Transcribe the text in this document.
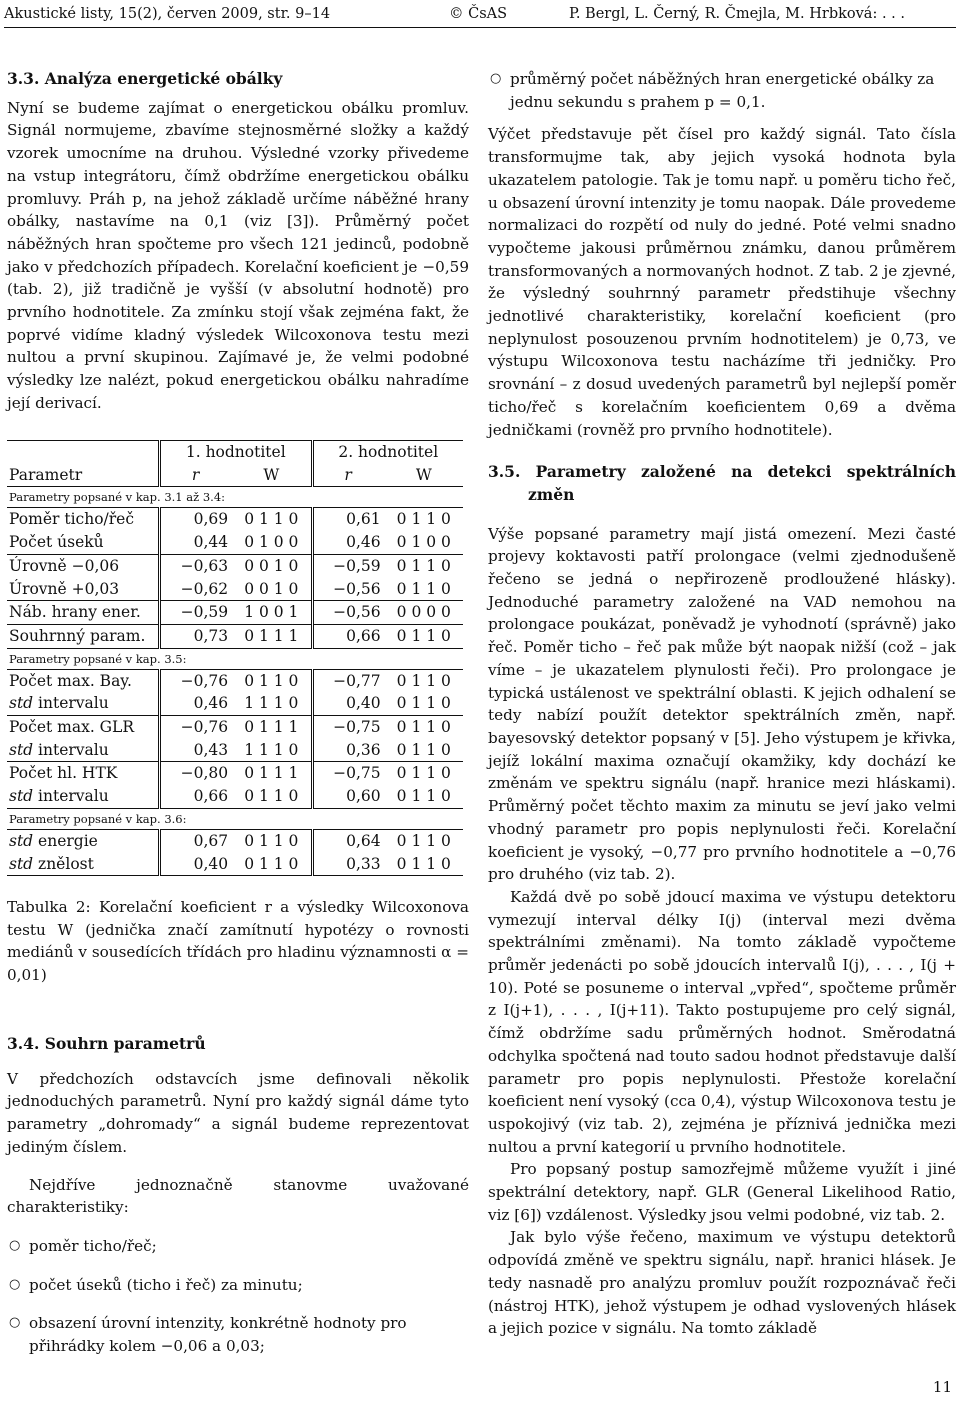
Akustické listy, 15(2), červen 2009, str. 9–14	© ČsAS	P. Bergl, L. Černý, R. Čmejla, M. Hrbková: . . .

3.3. Analýza energetické obálky

Nyní se budeme zajímat o energetickou obálku promluv. Signál normujeme, zbavíme stejnosměrné složky a každý vzorek umocníme na druhou. Výsledné vzorky přivedeme na vstup integrátoru, čímž obdržíme energetickou obálku promluvy. Práh p, na jehož základě určíme náběžné hrany obálky, nastavíme na 0,1 (viz [3]). Průměrný počet náběžných hran spočteme pro všech 121 jedinců, podobně jako v předchozích případech. Korelační koeficient je −0,59 (tab. 2), již tradičně je vyšší (v absolutní hodnotě) pro prvního hodnotitele. Za zmínku stojí však zejména fakt, že poprvé vidíme kladný výsledek Wilcoxonova testu mezi nultou a první skupinou. Zajímavé je, že velmi podobné výsledky lze nalézt, pokud energetickou obálku nahradíme její derivací.

	1. hodnotitel		2. hodnotitel	
Parametr	r	W	r	W
Parametry popsané v kap. 3.1 až 3.4:				
Poměr ticho/řeč	0,69	0 1 1 0	0,61	0 1 1 0
Počet úseků	0,44	0 1 0 0	0,46	0 1 0 0
Úrovně −0,06	−0,63	0 0 1 0	−0,59	0 1 1 0
Úrovně +0,03	−0,62	0 0 1 0	−0,56	0 1 1 0
Náb. hrany ener.	−0,59	1 0 0 1	−0,56	0 0 0 0
Souhrnný param.	0,73	0 1 1 1	0,66	0 1 1 0
Parametry popsané v kap. 3.5:				
Počet max. Bay.	−0,76	0 1 1 0	−0,77	0 1 1 0
std intervalu	0,46	1 1 1 0	0,40	0 1 1 0
Počet max. GLR	−0,76	0 1 1 1	−0,75	0 1 1 0
std intervalu	0,43	1 1 1 0	0,36	0 1 1 0
Počet hl. HTK	−0,80	0 1 1 1	−0,75	0 1 1 0
std intervalu	0,66	0 1 1 0	0,60	0 1 1 0
Parametry popsané v kap. 3.6:				
std energie	0,67	0 1 1 0	0,64	0 1 1 0
std znělost	0,40	0 1 1 0	0,33	0 1 1 0
Tabulka 2: Korelační koeficient r a výsledky Wilcoxonova testu W (jednička značí zamítnutí hypotézy o rovnosti mediánů v sousedících třídách pro hladinu významnosti α = 0,01)

3.4. Souhrn parametrů

V předchozích odstavcích jsme definovali několik jednoduchých parametrů. Nyní pro každý signál dáme tyto parametry „dohromady“ a signál budeme reprezentovat jediným číslem.

Nejdříve jednoznačně stanovme uvažované charakteristiky:

○ poměr ticho/řeč;
○ počet úseků (ticho i řeč) za minutu;
○ obsazení úrovní intenzity, konkrétně hodnoty pro přihrádky kolem −0,06 a 0,03;
○ průměrný počet náběžných hran energetické obálky za jednu sekundu s prahem p = 0,1.

Výčet představuje pět čísel pro každý signál. Tato čísla transformujme tak, aby jejich vysoká hodnota byla ukazatelem patologie. Tak je tomu např. u poměru ticho řeč, u obsazení úrovní intenzity je tomu naopak. Dále provedeme normalizaci do rozpětí od nuly do jedné. Poté velmi snadno vypočteme jakousi průměrnou známku, danou průměrem transformovaných a normovaných hodnot. Z tab. 2 je zjevné, že výsledný souhrnný parametr předstihuje všechny jednotlivé charakteristiky, korelační koeficient (pro neplynulost posouzenou prvním hodnotitelem) je 0,73, ve výstupu Wilcoxonova testu nacházíme tři jedničky. Pro srovnání – z dosud uvedených parametrů byl nejlepší poměr ticho/řeč s korelačním koeficientem 0,69 a dvěma jedničkami (rovněž pro prvního hodnotitele).

3.5. Parametry založené na detekci spektrálních změn

Výše popsané parametry mají jistá omezení. Mezi časté projevy koktavosti patří prolongace (velmi zjednodušeně řečeno se jedná o nepřirozeně prodloužené hlásky). Jednoduché parametry založené na VAD nemohou na prolongace poukázat, poněvadž je vyhodnotí (správně) jako řeč. Poměr ticho – řeč pak může být naopak nižší (což – jak víme – je ukazatelem plynulosti řeči). Pro prolongace je typická ustálenost ve spektrální oblasti. K jejich odhalení se tedy nabízí použít detektor spektrálních změn, např. bayesovský detektor popsaný v [5]. Jeho výstupem je křivka, jejíž lokální maxima označují okamžiky, kdy dochází ke změnám ve spektru signálu (např. hranice mezi hláskami). Průměrný počet těchto maxim za minutu se jeví jako velmi vhodný parametr pro popis neplynulosti řeči. Korelační koeficient je vysoký, −0,77 pro prvního hodnotitele a −0,76 pro druhého (viz tab. 2).

Každá dvě po sobě jdoucí maxima ve výstupu detektoru vymezují interval délky I(j) (interval mezi dvěma spektrálními změnami). Na tomto základě vypočteme průměr jedenácti po sobě jdoucích intervalů I(j), . . . , I(j + 10). Poté se posuneme o interval „vpřed“, spočteme průměr z I(j+1), . . . , I(j+11). Takto postupujeme pro celý signál, čímž obdržíme sadu průměrných hodnot. Směrodatná odchylka spočtená nad touto sadou hodnot představuje další parametr pro popis neplynulosti. Přestože korelační koeficient není vysoký (cca 0,4), výstup Wilcoxonova testu je uspokojivý (viz tab. 2), zejména je příznivá jednička mezi nultou a první kategorií u prvního hodnotitele.

Pro popsaný postup samozřejmě můžeme využít i jiné spektrální detektory, např. GLR (General Likelihood Ratio, viz [6]) vzdálenost. Výsledky jsou velmi podobné, viz tab. 2.

Jak bylo výše řečeno, maximum ve výstupu detektorů odpovídá změně ve spektru signálu, např. hranici hlásek. Je tedy nasnadě pro analýzu promluv použít rozpoznávač řeči (nástroj HTK), jehož výstupem je odhad vyslovených hlásek a jejich pozice v signálu. Na tomto základě

11
